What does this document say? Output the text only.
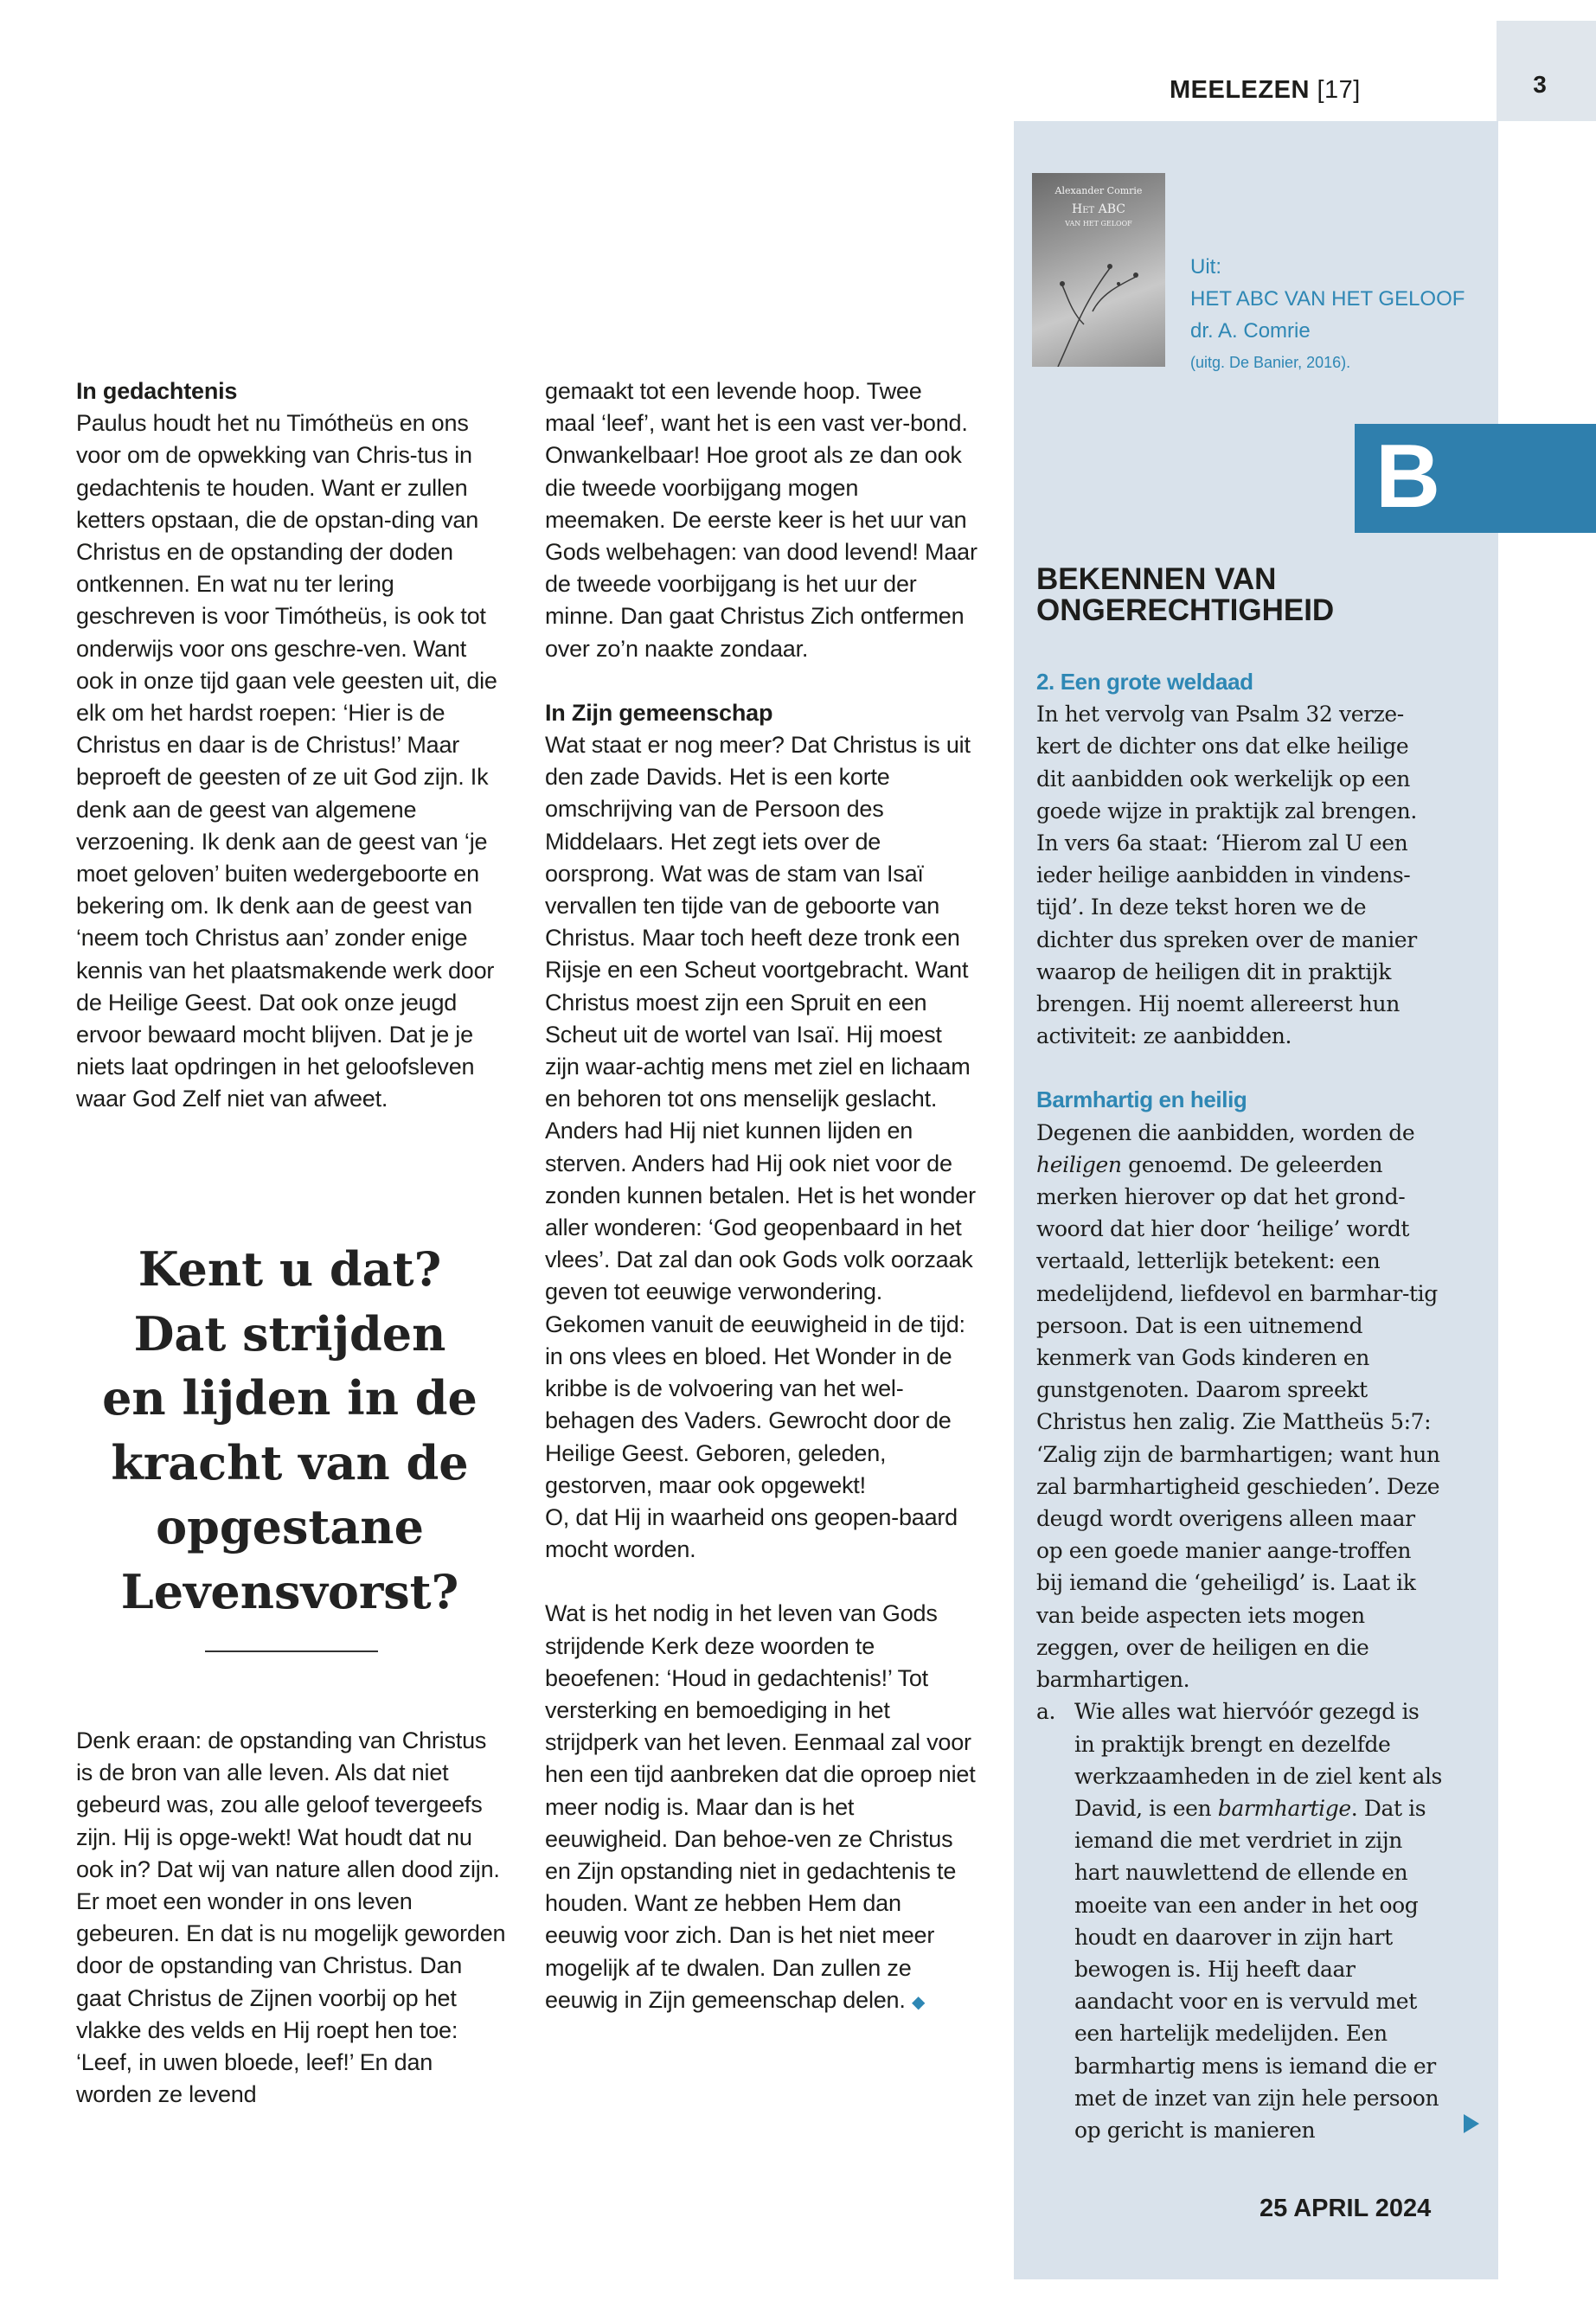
3
MEELEZEN [17]
Alexander Comrie
Het ABC
VAN HET GELOOF
Uit:
HET ABC VAN HET GELOOF
dr. A. Comrie
(uitg. De Banier, 2016).
B
BEKENNEN VAN
ONGERECHTIGHEID

2. Een grote weldaad

In het vervolg van Psalm 32 verze-kert de dichter ons dat elke heilige dit aanbidden ook werkelijk op een goede wijze in praktijk zal brengen. In vers 6a staat: ‘Hierom zal U een ieder heilige aanbidden in vindens-tijd’. In deze tekst horen we de dichter dus spreken over de manier waarop de heiligen dit in praktijk brengen. Hij noemt allereerst hun activiteit: ze aanbidden.

Barmhartig en heilig

Degenen die aanbidden, worden de heiligen genoemd. De geleerden merken hierover op dat het grond-woord dat hier door ‘heilige’ wordt vertaald, letterlijk betekent: een medelijdend, liefdevol en barmhar-tig persoon. Dat is een uitnemend kenmerk van Gods kinderen en gunstgenoten. Daarom spreekt Christus hen zalig. Zie Mattheüs 5:7: ‘Zalig zijn de barmhartigen; want hun zal barmhartigheid geschieden’. Deze deugd wordt overigens alleen maar op een goede manier aange-troffen bij iemand die ‘geheiligd’ is. Laat ik van beide aspecten iets mogen zeggen, over de heiligen en die barmhartigen.

a. Wie alles wat hiervóór gezegd is in praktijk brengt en dezelfde werkzaamheden in de ziel kent als David, is een barmhartige. Dat is iemand die met verdriet in zijn hart nauwlettend de ellende en moeite van een ander in het oog houdt en daarover in zijn hart bewogen is. Hij heeft daar aandacht voor en is vervuld met een hartelijk medelijden. Een barmhartig mens is iemand die er met de inzet van zijn hele persoon op gericht is manieren

In gedachtenis

Paulus houdt het nu Timótheüs en ons voor om de opwekking van Chris-tus in gedachtenis te houden. Want er zullen ketters opstaan, die de opstan-ding van Christus en de opstanding der doden ontkennen. En wat nu ter lering geschreven is voor Timótheüs, is ook tot onderwijs voor ons geschre-ven. Want ook in onze tijd gaan vele geesten uit, die elk om het hardst roepen: ‘Hier is de Christus en daar is de Christus!’ Maar beproeft de geesten of ze uit God zijn. Ik denk aan de geest van algemene verzoening. Ik denk aan de geest van ‘je moet geloven’ buiten wedergeboorte en bekering om. Ik denk aan de geest van ‘neem toch Christus aan’ zonder enige kennis van het plaatsmakende werk door de Heilige Geest. Dat ook onze jeugd ervoor bewaard mocht blijven. Dat je je niets laat opdringen in het geloofsleven waar God Zelf niet van afweet.

Kent u dat? Dat strijden en lijden in de kracht van de opgestane Levensvorst?

Denk eraan: de opstanding van Christus is de bron van alle leven. Als dat niet gebeurd was, zou alle geloof tevergeefs zijn. Hij is opge-wekt! Wat houdt dat nu ook in? Dat wij van nature allen dood zijn. Er moet een wonder in ons leven gebeuren. En dat is nu mogelijk geworden door de opstanding van Christus. Dan gaat Christus de Zijnen voorbij op het vlakke des velds en Hij roept hen toe: ‘Leef, in uwen bloede, leef!’ En dan worden ze levend

gemaakt tot een levende hoop. Twee maal ‘leef’, want het is een vast ver-bond. Onwankelbaar! Hoe groot als ze dan ook die tweede voorbijgang mogen meemaken. De eerste keer is het uur van Gods welbehagen: van dood levend! Maar de tweede voorbijgang is het uur der minne. Dan gaat Christus Zich ontfermen over zo’n naakte zondaar.

In Zijn gemeenschap

Wat staat er nog meer? Dat Christus is uit den zade Davids. Het is een korte omschrijving van de Persoon des Middelaars. Het zegt iets over de oorsprong. Wat was de stam van Isaï vervallen ten tijde van de geboorte van Christus. Maar toch heeft deze tronk een Rijsje en een Scheut voortgebracht. Want Christus moest zijn een Spruit en een Scheut uit de wortel van Isaï. Hij moest zijn waar-achtig mens met ziel en lichaam en behoren tot ons menselijk geslacht. Anders had Hij niet kunnen lijden en sterven. Anders had Hij ook niet voor de zonden kunnen betalen. Het is het wonder aller wonderen: ‘God geopenbaard in het vlees’. Dat zal dan ook Gods volk oorzaak geven tot eeuwige verwondering. Gekomen vanuit de eeuwigheid in de tijd: in ons vlees en bloed. Het Wonder in de kribbe is de volvoering van het wel-behagen des Vaders. Gewrocht door de Heilige Geest. Geboren, geleden, gestorven, maar ook opgewekt!

O, dat Hij in waarheid ons geopen-baard mocht worden.

Wat is het nodig in het leven van Gods strijdende Kerk deze woorden te beoefenen: ‘Houd in gedachtenis!’ Tot versterking en bemoediging in het strijdperk van het leven. Eenmaal zal voor hen een tijd aanbreken dat die oproep niet meer nodig is. Maar dan is het eeuwigheid. Dan behoe-ven ze Christus en Zijn opstanding niet in gedachtenis te houden. Want ze hebben Hem dan eeuwig voor zich. Dan is het niet meer mogelijk af te dwalen. Dan zullen ze eeuwig in Zijn gemeenschap delen. ◆

25 APRIL 2024
